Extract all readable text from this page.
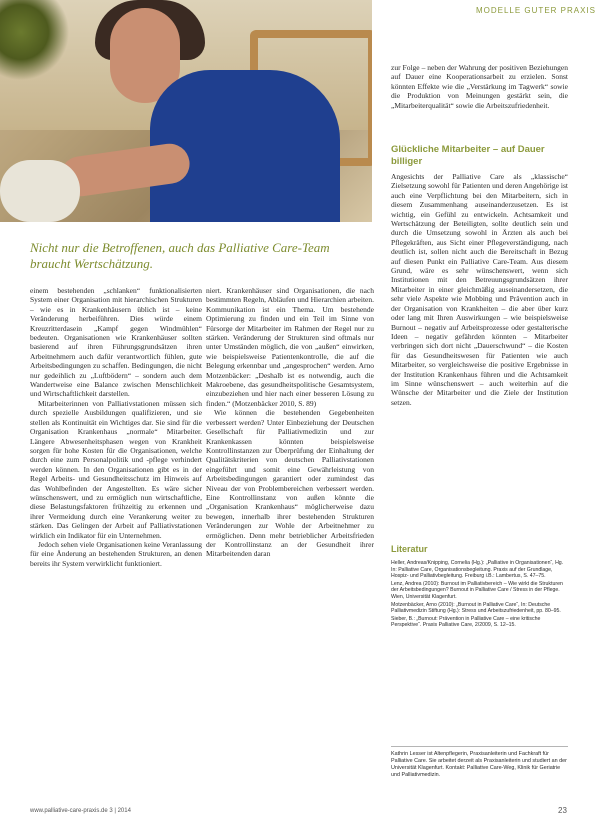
MODELLE GUTER PRAXIS

Nicht nur die Betroffenen, auch das Palliative Care-Team braucht Wertschätzung.

einem bestehenden „schlanken“ funktionalisierten System einer Organisation mit hierarchischen Strukturen – wie es in Krankenhäusern üblich ist – keine Veränderung herbeiführen. Dies würde einem Kreuzritterdasein „Kampf gegen Windmühlen“ bedeuten. Organisationen wie Krankenhäuser sollten basierend auf ihren Führungsgrundsätzen ihren Arbeitnehmern auch dafür verantwortlich fühlen, gute Arbeitsbedingungen zu schaffen. Bedingungen, die nicht nur gedeihlich zu „Luftbödern“ – sondern auch dem Wandertweise eine Balance zwischen Menschlichkeit und Wirtschaftlichkeit darstellen.

Mitarbeiterinnen von Palliativstationen müssen sich durch spezielle Ausbildungen qualifizieren, und sie stellen als Kontinuität ein Wichtiges dar. Sie sind für die Organisation Krankenhaus „normale“ Mitarbeiter. Längere Abwesenheitsphasen wegen von Krankheit sorgen für hohe Kosten für die Organisationen, welche durch eine zum Personalpolitik und -pflege verhindert werden können. In den Organisationen gibt es in der Regel Arbeits- und Gesundheitsschutz im Hinweis auf das Wohlbefinden der Angestellten. Es wäre sicher wünschenswert, und zu ermöglich nun wirtschaftliche, diese Belastungsfaktoren frühzeitig zu erkennen und ihrer Vermeidung durch eine Verankerung weiter zu stärken. Das Gelingen der Arbeit auf Palliativstationen wirklich ein Indikator für ein Unternehmen.

Jedoch sehen viele Organisationen keine Veranlassung für eine Änderung an bestehenden Strukturen, an denen bereits ihr System verwirklicht funktioniert.

niert. Krankenhäuser sind Organisationen, die nach bestimmten Regeln, Abläufen und Hierarchien arbeiten. Kommunikation ist ein Thema. Um bestehende Optimierung zu finden und ein Teil im Sinne von Fürsorge der Mitarbeiter im Rahmen der Regel nur zu stärken. Veränderung der Strukturen sind oftmals nur unter Umständen möglich, die von „außen“ einwirken, wie beispielsweise Patientenkontrolle, die auf die Belegung erkennbar und „angesprochen“ werden. Arno Motzenbäcker: „Deshalb ist es notwendig, auch die Makroebene, das gesundheitspolitische Gesamtsystem, einzubeziehen und hier nach einer besseren Lösung zu finden.“ (Motzenbäcker 2010, S. 89)

Wie können die bestehenden Gegebenheiten verbessert werden? Unter Einbeziehung der Deutschen Gesellschaft für Palliativmedizin und zur Krankenkassen könnten beispielsweise Kontrollinstanzen zur Überprüfung der Einhaltung der Qualitätskriterien von deutschen Palliativstationen eingeführt und somit eine Gewährleistung von Arbeitsbedingungen garantiert oder zumindest das Niveau der von Problembereichen verbessert werden. Eine Kontrollinstanz von außen könnte die „Organisation Krankenhaus“ möglicherweise dazu bewegen, innerhalb ihrer bestehenden Strukturen Veränderungen zur Wohle der Arbeitnehmer zu ermöglichen. Denn mehr betrieblicher Arbeitsfrieden der Kontrollinstanz an der Gesundheit ihrer Mitarbeitenden daran

zur Folge – neben der Wahrung der positiven Beziehungen auf Dauer eine Kooperationsarbeit zu erzielen. Sonst könnten Effekte wie die „Verstärkung im Tagwerk“ sowie die Produktion von Meinungen gestärkt sein, die „Mitarbeiterqualität“ sowie die Arbeitszufriedenheit.

Glückliche Mitarbeiter – auf Dauer billiger

Angesichts der Palliative Care als „klassische“ Zielsetzung sowohl für Patienten und deren Angehörige ist auch eine Verpflichtung bei den Mitarbeitern, sich in diesem Zusammenhang auseinanderzusetzen. Es ist wichtig, ein Gefühl zu entwickeln. Achtsamkeit und Wertschätzung der Beteiligten, sollte deutlich sein und durch die Umsetzung sowohl in Ärzten als auch bei Pflegekräften, aus Sicht einer Pflegeverständigung, nach deutlich ist, sollen nicht auch die Bereitschaft in Bezug auf diesen Punkt ein Palliative Care-Team. Aus diesem Grund, wäre es sehr wünschenswert, wenn sich Institutionen mit den Betreuungsgrundsätzen ihrer Mitarbeiter in einer gleichmäßig auseinandersetzen, die sehr viele Aspekte wie Mobbing und Prävention auch in der Organisation von Krankheiten – die aber über kurz oder lang mit Ihren Auswirkungen – wie beispielsweise Burnout – negativ auf Arbeitsprozesse oder gestalterische Ideen – negativ gefährden könnten – Mitarbeiter verbringen sich dort nicht „Dauerschwund“ – die Kosten für das Gesundheitswesen für Patienten wie auch Mitarbeiter, so vergleichsweise die positive Ergebnisse in der Institution Krankenhaus führen und die Achtsamkeit im Sinne wünschenswert – auch weiterhin auf die Wünsche der Mitarbeiter und die Ziele der Institution setzen.

Literatur

Heller, Andreas/Knipping, Cornelia (Hg.): „Palliative in Organisationen“, Hg. In: Palliative Care, Organisationsbegleitung. Praxis auf der Grundlage, Hospiz- und Palliativbegleitung. Freiburg i.B.: Lambertus, S. 47–75.

Lenz, Andrea (2010): Burnout im Palliativbereich – Wie wirkt die Strukturen der Arbeitsbedingungen? Burnout in Palliative Care / Stress in der Pflege. Wien, Universität Klagenfurt.

Motzenbäcker, Arno (2010): „Burnout in Palliative Care“, In: Deutsche Palliativmedizin Stiftung (Hg.): Stress und Arbeitszufriedenheit, pp. 80–95.

Sieber, B.: „Burnout: Prävention in Palliative Care – eine kritische Perspektive“. Praxis Palliative Care, 2/2009, S. 12–15.

Kathrin Lesser ist Altenpflegerin, Praxisanleiterin und Fachkraft für Palliative Care. Sie arbeitet derzeit als Praxisanleiterin und studiert an der Universität Klagenfurt. Kontakt: Palliative Care-Weg, Klinik für Geriatrie und Palliativmedizin.

www.palliative-care-praxis.de 3 | 2014	23
